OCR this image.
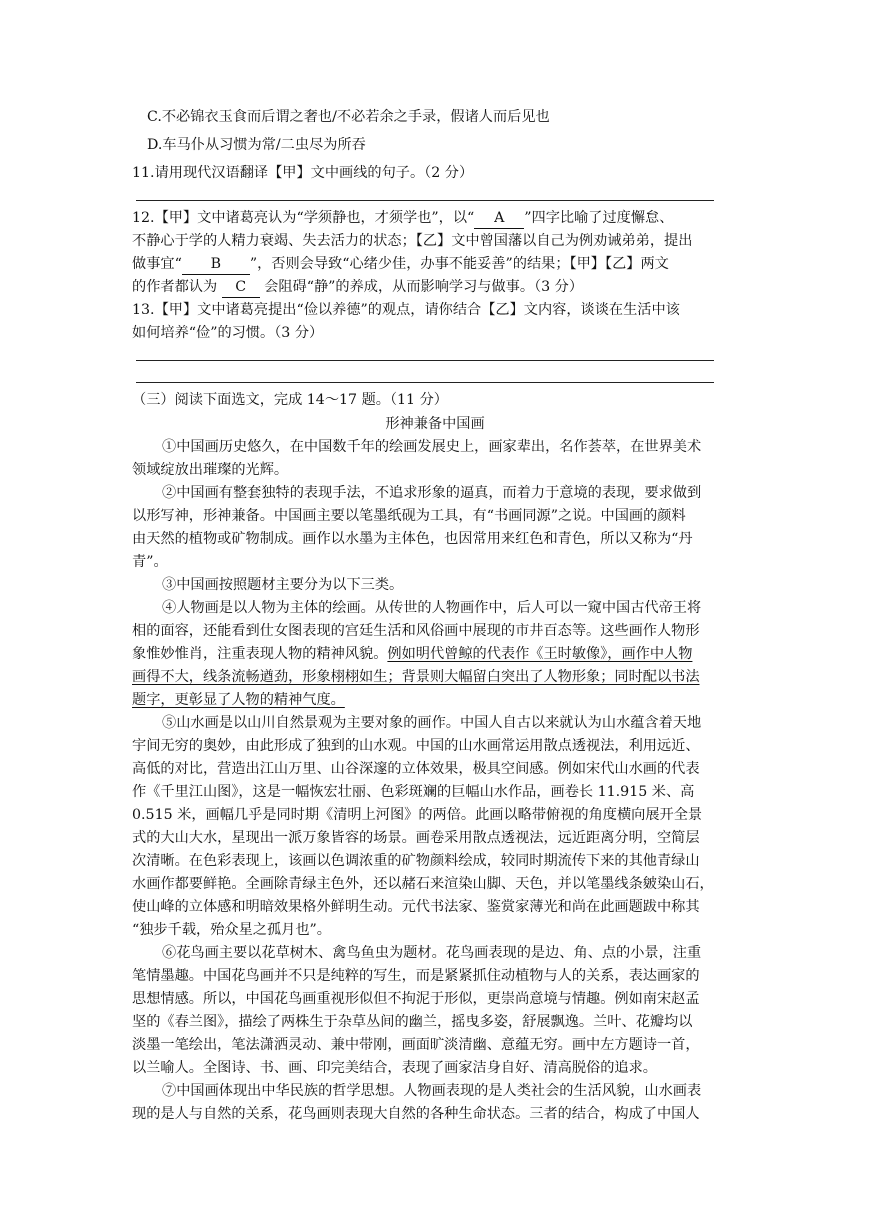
C.不必锦衣玉食而后谓之奢也/不必若余之手录，假诸人而后见也
D.车马仆从习惯为常/二虫尽为所吞
11.请用现代汉语翻译【甲】文中画线的句子。（2 分）
12.【甲】文中诸葛亮认为“学须静也，才须学也”，以“ A ”四字比喻了过度懈怠、
不静心于学的人精力衰竭、失去活力的状态；【乙】文中曾国藩以自己为例劝诫弟弟，提出
做事宜“ B ”，否则会导致“心绪少佳，办事不能妥善”的结果；【甲】【乙】两文
的作者都认为 C 会阻碍“静”的养成，从而影响学习与做事。（3 分）
13.【甲】文中诸葛亮提出“俭以养德”的观点，请你结合【乙】文内容，谈谈在生活中该
如何培养“俭”的习惯。（3 分）
（三）阅读下面选文，完成 14～17 题。（11 分）
形神兼备中国画
①中国画历史悠久，在中国数千年的绘画发展史上，画家辈出，名作荟萃，在世界美术
领域绽放出璀璨的光辉。
②中国画有整套独特的表现手法，不追求形象的逼真，而着力于意境的表现，要求做到
以形写神，形神兼备。中国画主要以笔墨纸砚为工具，有“书画同源”之说。中国画的颜料
由天然的植物或矿物制成。画作以水墨为主体色，也因常用来红色和青色，所以又称为“丹
青”。
③中国画按照题材主要分为以下三类。
④人物画是以人物为主体的绘画。从传世的人物画作中，后人可以一窥中国古代帝王将
相的面容，还能看到仕女图表现的宫廷生活和风俗画中展现的市井百态等。这些画作人物形
象惟妙惟肖，注重表现人物的精神风貌。例如明代曾鲸的代表作《王时敏像》，画作中人物
画得不大，线条流畅遒劲，形象栩栩如生；背景则大幅留白突出了人物形象；同时配以书法
题字，更彰显了人物的精神气度。
⑤山水画是以山川自然景观为主要对象的画作。中国人自古以来就认为山水蕴含着天地
宇间无穷的奥妙，由此形成了独到的山水观。中国的山水画常运用散点透视法，利用远近、
高低的对比，营造出江山万里、山谷深邃的立体效果，极具空间感。例如宋代山水画的代表
作《千里江山图》，这是一幅恢宏壮丽、色彩斑斓的巨幅山水作品，画卷长 11.915 米、高
0.515 米，画幅几乎是同时期《清明上河图》的两倍。此画以略带俯视的角度横向展开全景
式的大山大水，星现出一派万象皆容的场景。画卷采用散点透视法，远近距离分明，空简层
次清晰。在色彩表现上，该画以色调浓重的矿物颜料绘成，较同时期流传下来的其他青绿山
水画作都要鲜艳。全画除青绿主色外，还以赭石来渲染山脚、天色，并以笔墨线条皴染山石，
使山峰的立体感和明暗效果格外鲜明生动。元代书法家、鉴赏家薄光和尚在此画题跋中称其
“独步千载，殆众星之孤月也”。
⑥花鸟画主要以花草树木、禽鸟鱼虫为题材。花鸟画表现的是边、角、点的小景，注重
笔情墨趣。中国花鸟画并不只是纯粹的写生，而是紧紧抓住动植物与人的关系，表达画家的
思想情感。所以，中国花鸟画重视形似但不拘泥于形似，更崇尚意境与情趣。例如南宋赵孟
坚的《春兰图》，描绘了两株生于杂草丛间的幽兰，摇曳多姿，舒展飘逸。兰叶、花瓣均以
淡墨一笔绘出，笔法潇洒灵动、兼中带刚，画面旷淡清幽、意蕴无穷。画中左方题诗一首，
以兰喻人。全图诗、书、画、印完美结合，表现了画家洁身自好、清高脱俗的追求。
⑦中国画体现出中华民族的哲学思想。人物画表现的是人类社会的生活风貌，山水画表
现的是人与自然的关系，花鸟画则表现大自然的各种生命状态。三者的结合，构成了中国人
